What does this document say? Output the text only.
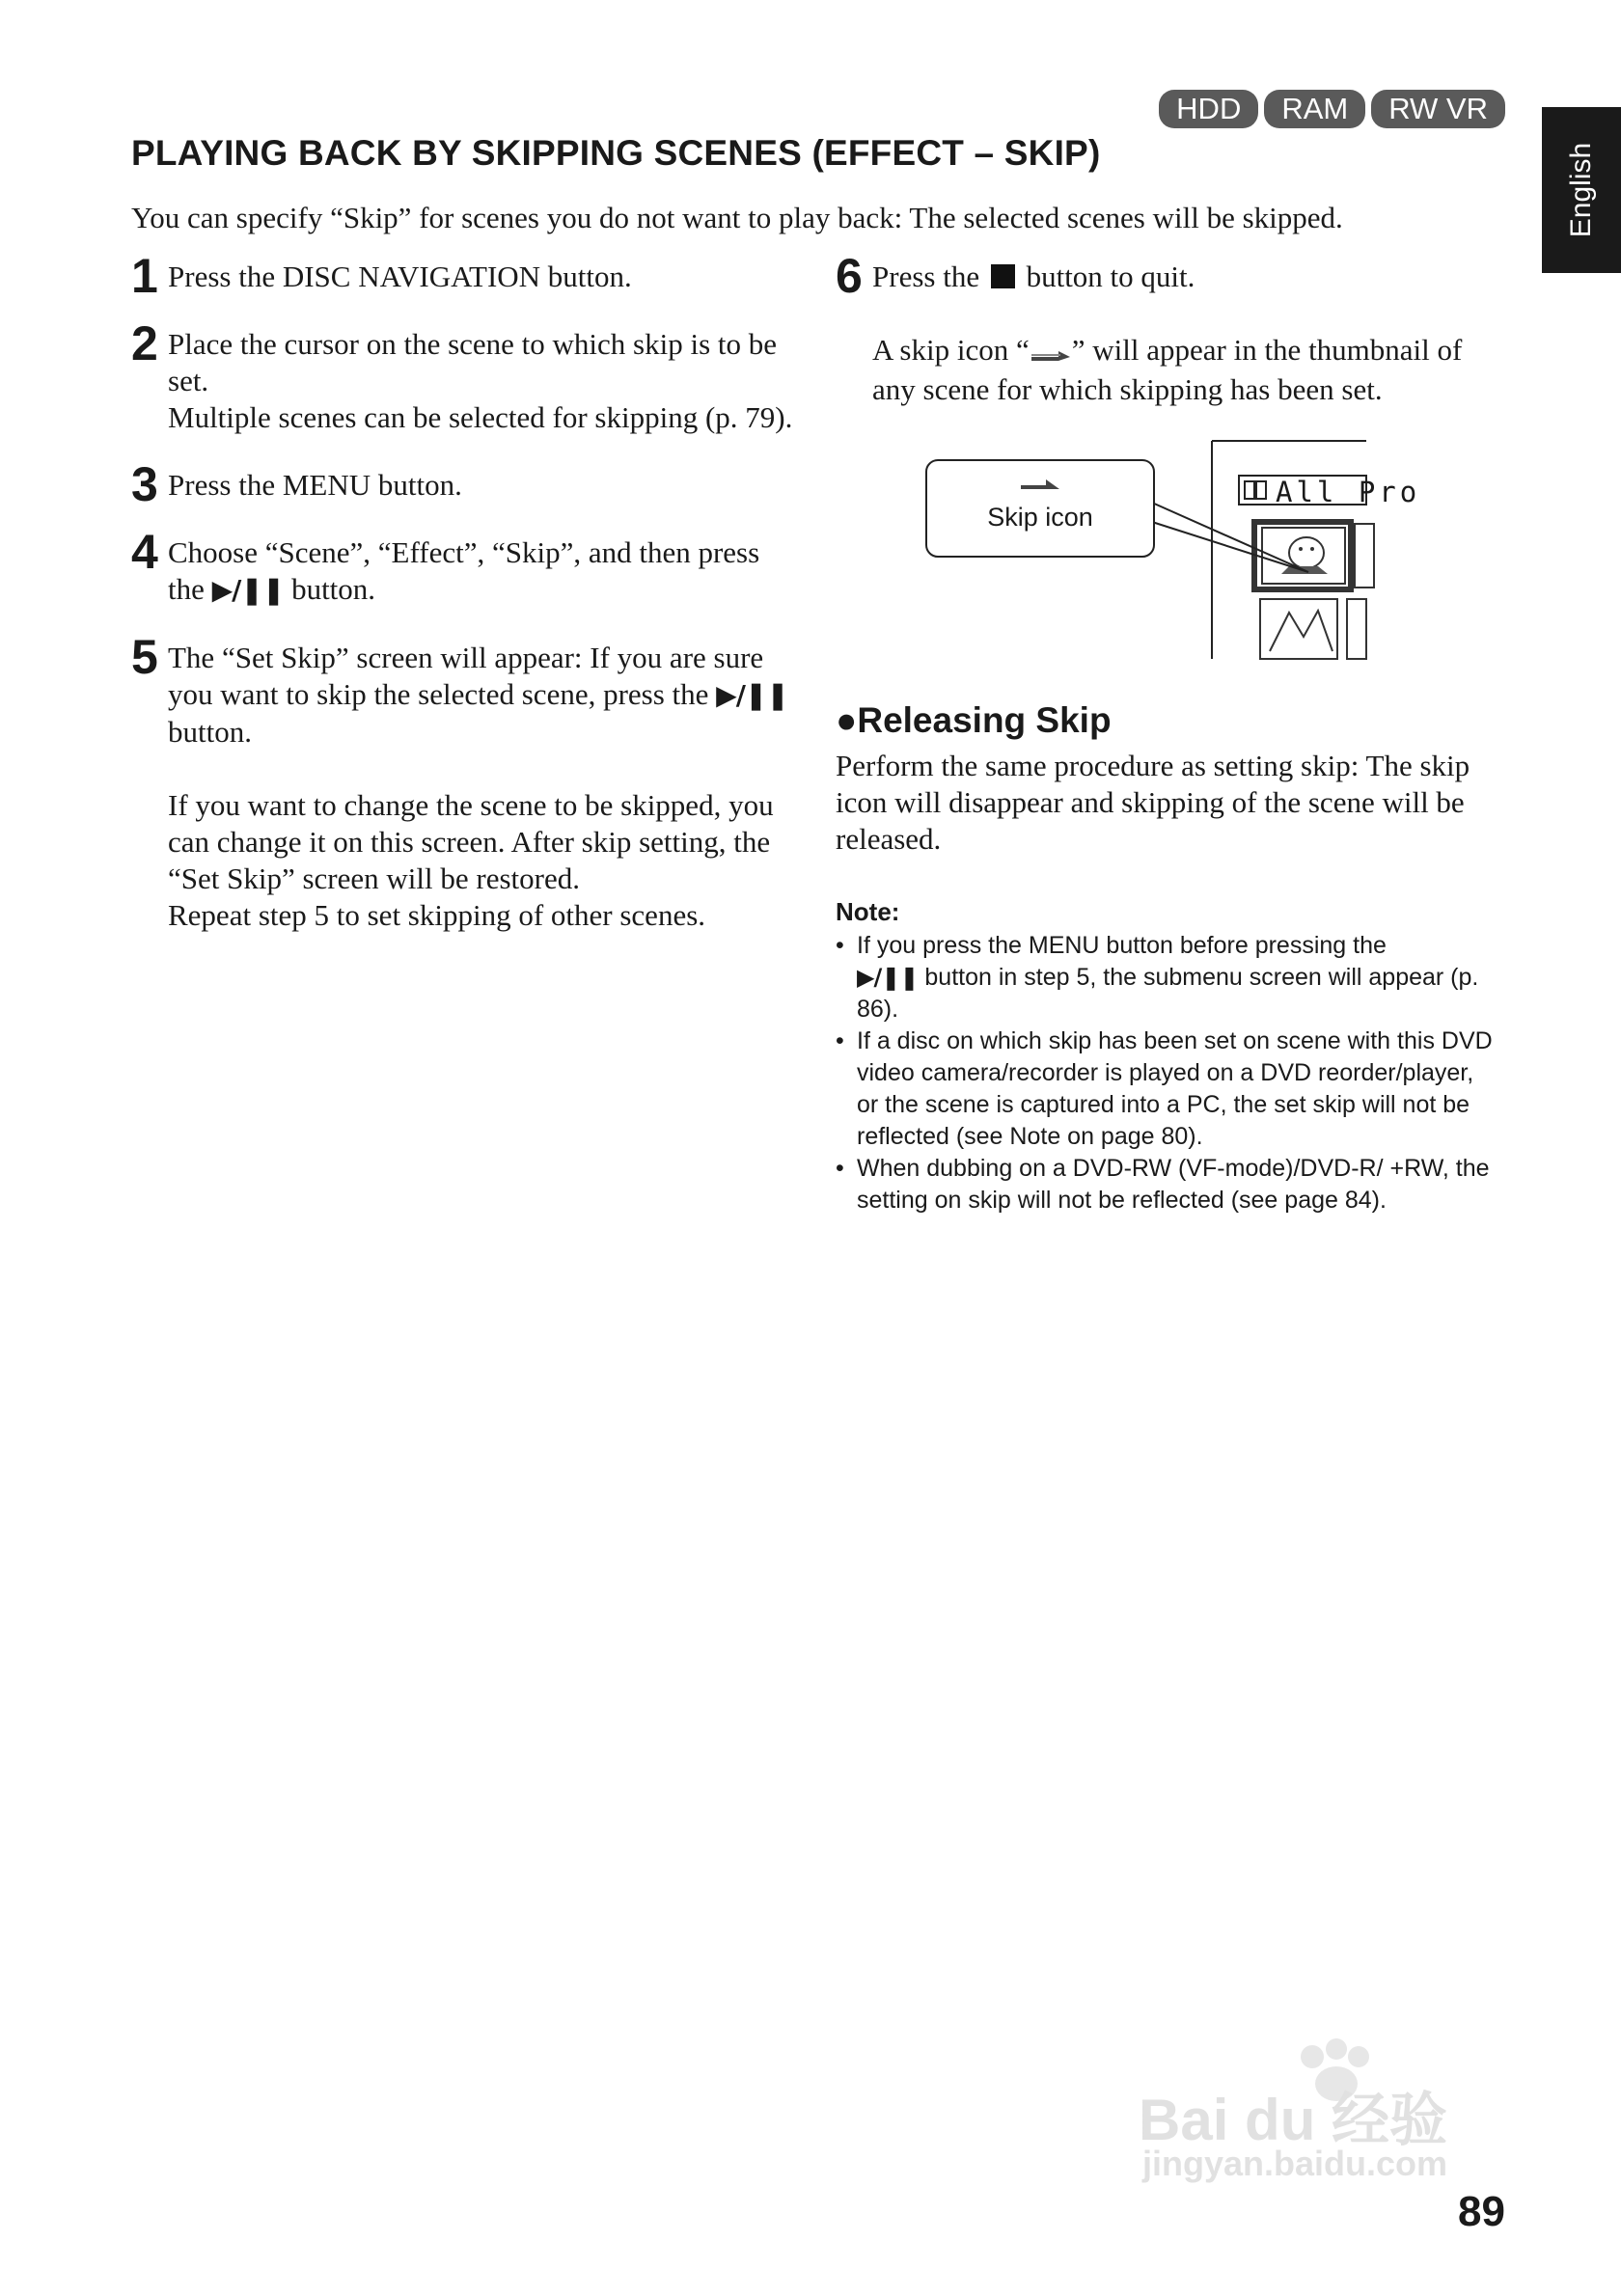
HDD	RAM	RW VR
English
PLAYING BACK BY SKIPPING SCENES (EFFECT – SKIP)

You can specify “Skip” for scenes you do not want to play back: The selected scenes will be skipped.

1 Press the DISC NAVIGATION button.

2 Place the cursor on the scene to which skip is to be set.

Multiple scenes can be selected for skipping (p. 79).

3 Press the MENU button.

4 Choose “Scene”, “Effect”, “Skip”, and then press the ▶/❚❚ button.

5 The “Set Skip” screen will appear: If you are sure you want to skip the selected scene, press the ▶/❚❚ button.

If you want to change the scene to be skipped, you can change it on this screen. After skip setting, the “Set Skip” screen will be restored.

Repeat step 5 to set skipping of other scenes.

6 Press the button to quit.

A skip icon “ ” will appear in the thumbnail of any scene for which skipping has been set.

Skip icon
All Pro
●Releasing Skip

Perform the same procedure as setting skip: The skip icon will disappear and skipping of the scene will be released.

Note:
• If you press the MENU button before pressing the
▶/❚❚ button in step 5, the submenu screen will appear (p. 86).
• If a disc on which skip has been set on scene with this DVD video camera/recorder is played on a DVD reorder/player, or the scene is captured into a PC, the set skip will not be reflected (see Note on page 80).
• When dubbing on a DVD-RW (VF-mode)/DVD-R/ +RW, the setting on skip will not be reflected (see page 84).
Bai du 经验
jingyan.baidu.com
89
